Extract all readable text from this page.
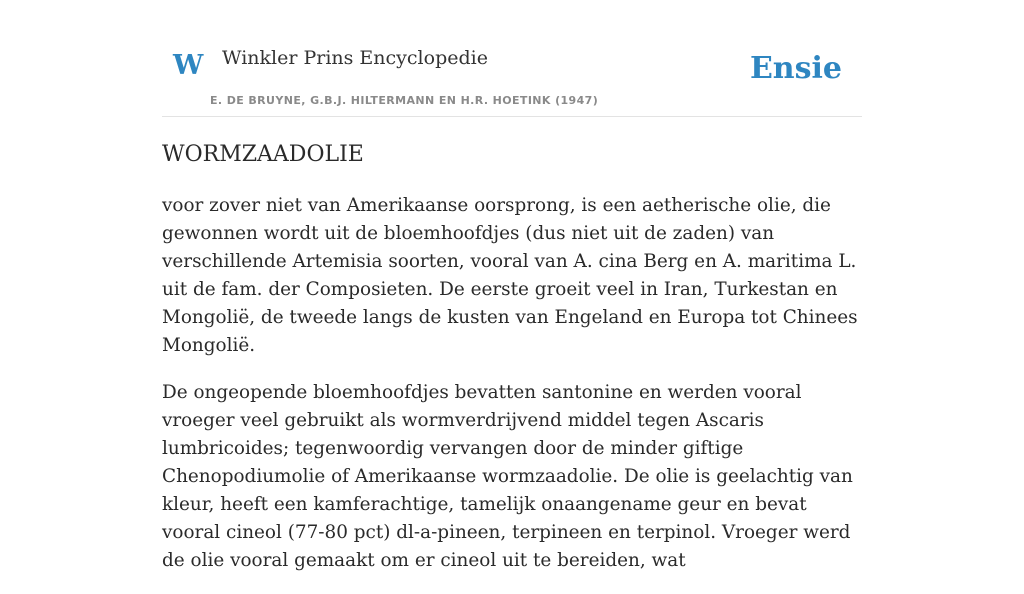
W Winkler Prins Encyclopedie
E. DE BRUYNE, G.B.J. HILTERMANN EN H.R. HOETINK (1947)
Ensie
WORMZAADOLIE

voor zover niet van Amerikaanse oorsprong, is een aetherische olie, die gewonnen wordt uit de bloemhoofdjes (dus niet uit de zaden) van verschillende Artemisia soorten, vooral van A. cina Berg en A. maritima L. uit de fam. der Composieten. De eerste groeit veel in Iran, Turkestan en Mongolië, de tweede langs de kusten van Engeland en Europa tot Chinees Mongolië.

De ongeopende bloemhoofdjes bevatten santonine en werden vooral vroeger veel gebruikt als wormverdrijvend middel tegen Ascaris lumbricoides; tegenwoordig vervangen door de minder giftige Chenopodiumolie of Amerikaanse wormzaadolie. De olie is geelachtig van kleur, heeft een kamferachtige, tamelijk onaangename geur en bevat vooral cineol (77-80 pct) dl-a-pineen, terpineen en terpinol. Vroeger werd de olie vooral gemaakt om er cineol uit te bereiden, wat
